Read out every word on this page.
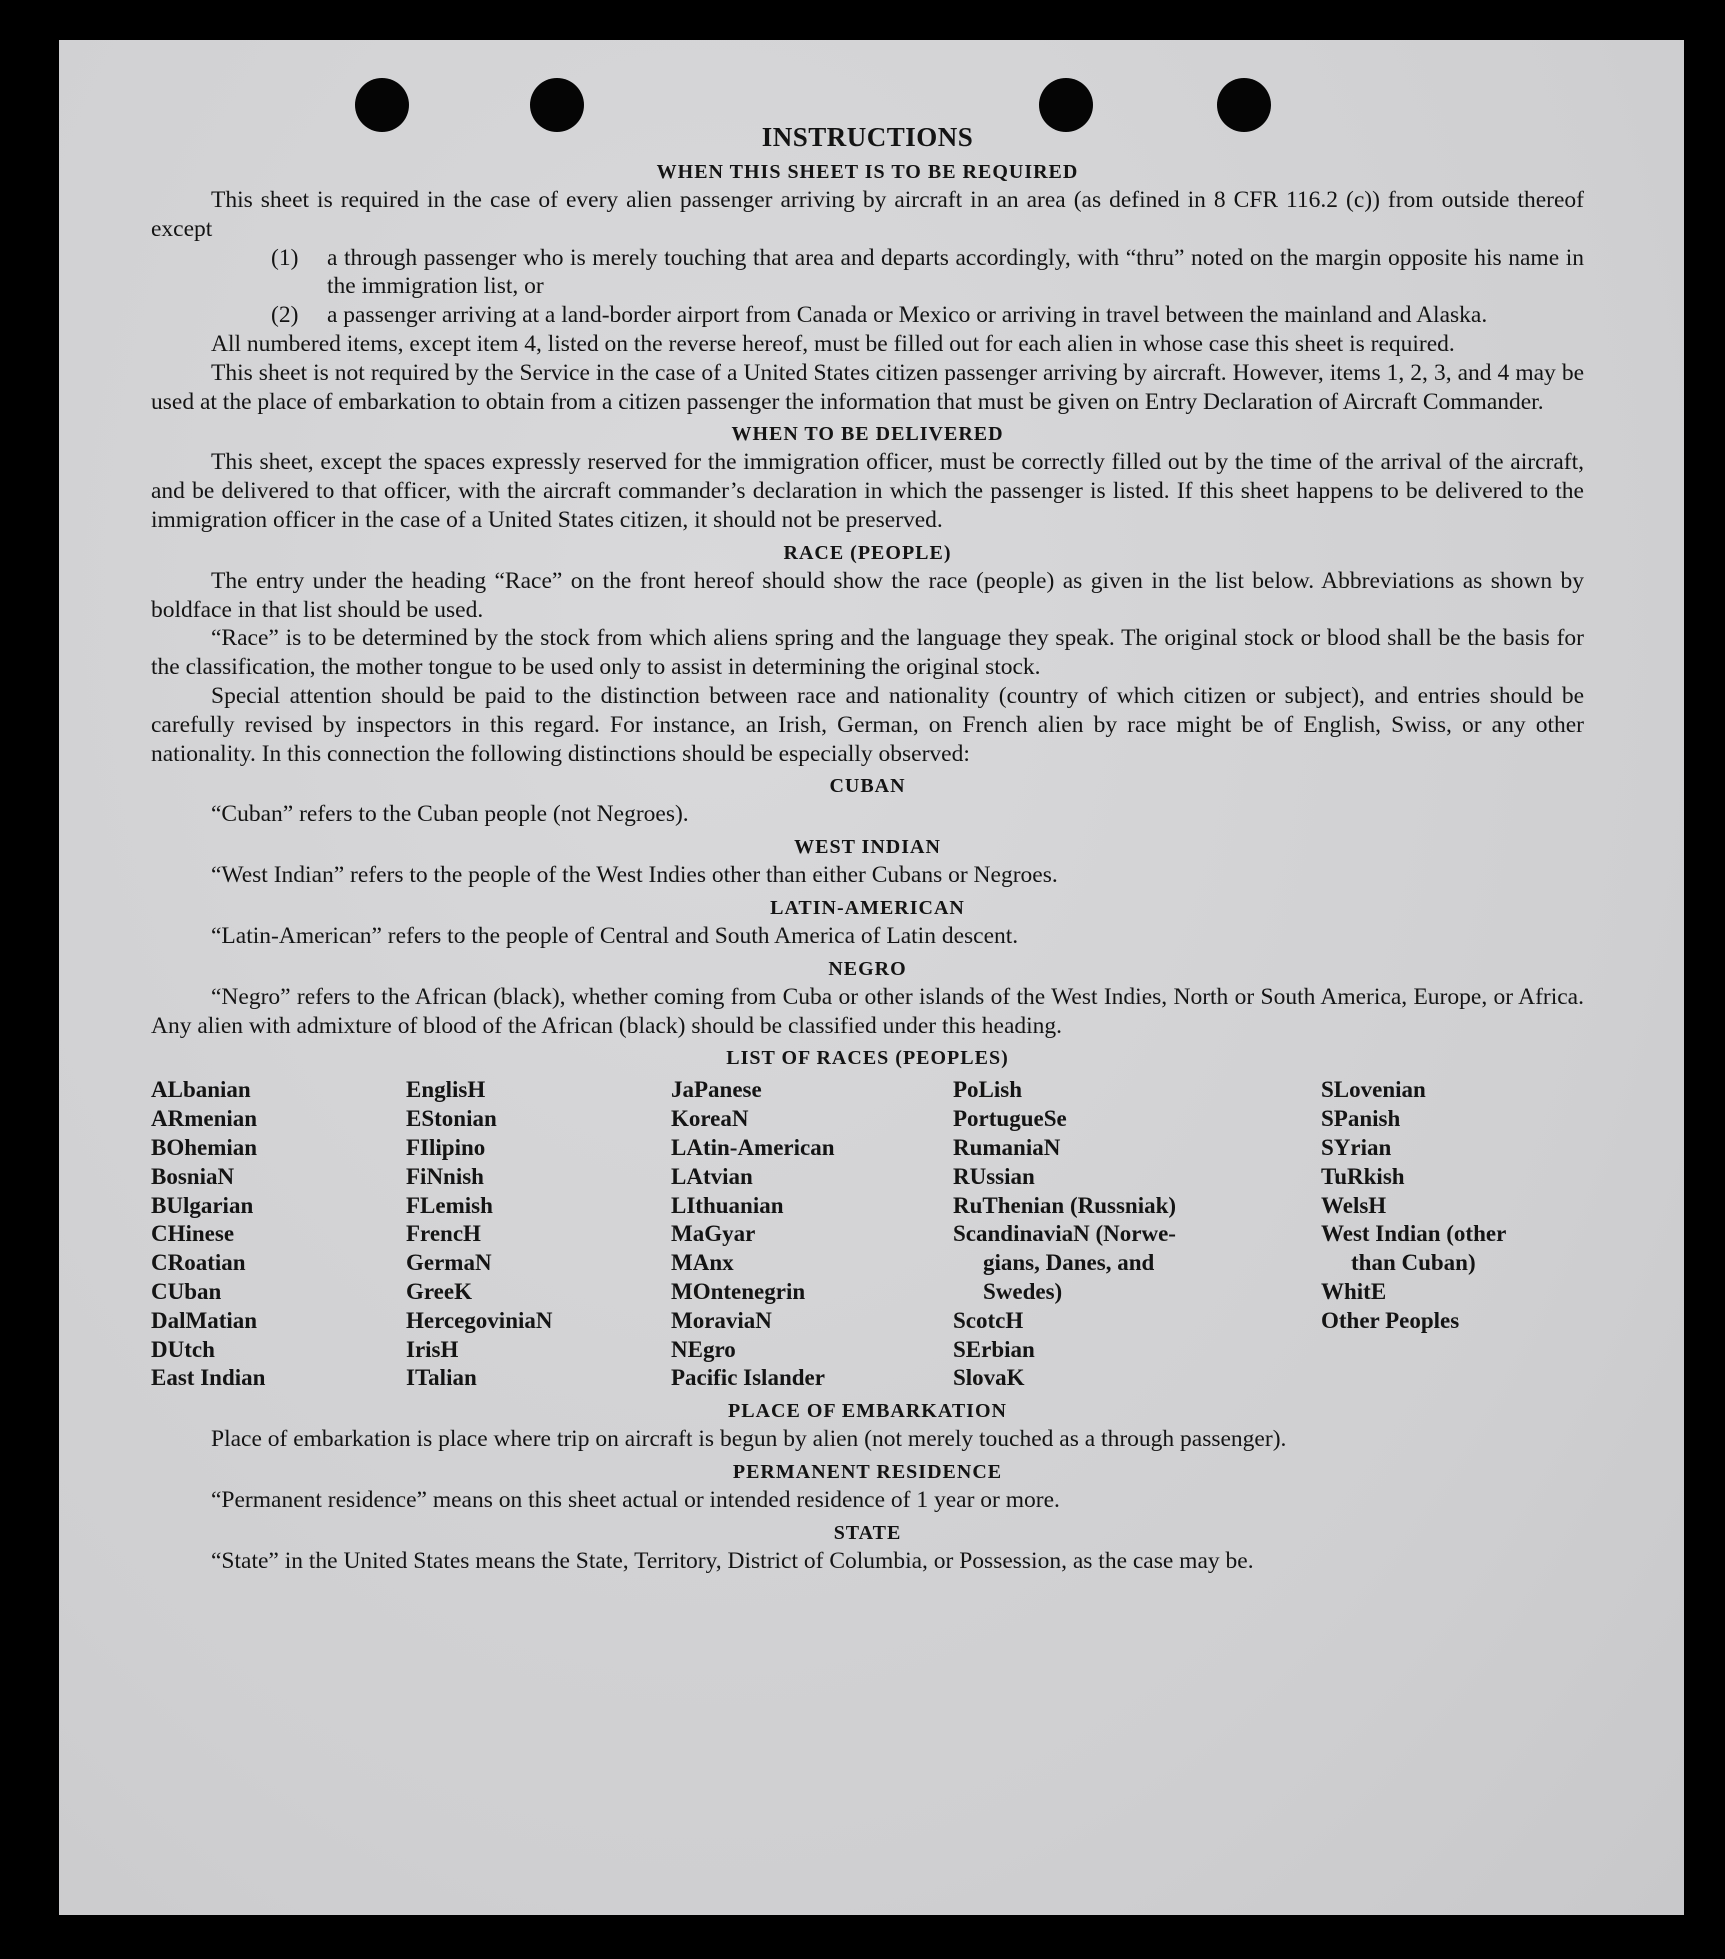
INSTRUCTIONS
WHEN THIS SHEET IS TO BE REQUIRED

This sheet is required in the case of every alien passenger arriving by aircraft in an area (as defined in 8 CFR 116.2 (c)) from outside thereof except

(1)	a through passenger who is merely touching that area and departs accordingly, with “thru” noted on the margin opposite his name in the immigration list, or
(2)	a passenger arriving at a land-border airport from Canada or Mexico or arriving in travel between the mainland and Alaska.

All numbered items, except item 4, listed on the reverse hereof, must be filled out for each alien in whose case this sheet is required.

This sheet is not required by the Service in the case of a United States citizen passenger arriving by aircraft. However, items 1, 2, 3, and 4 may be used at the place of embarkation to obtain from a citizen passenger the information that must be given on Entry Declaration of Aircraft Commander.

WHEN TO BE DELIVERED

This sheet, except the spaces expressly reserved for the immigration officer, must be correctly filled out by the time of the arrival of the aircraft, and be delivered to that officer, with the aircraft commander’s declaration in which the passenger is listed. If this sheet happens to be delivered to the immigration officer in the case of a United States citizen, it should not be preserved.

RACE (PEOPLE)

The entry under the heading “Race” on the front hereof should show the race (people) as given in the list below. Abbreviations as shown by boldface in that list should be used.

“Race” is to be determined by the stock from which aliens spring and the language they speak. The original stock or blood shall be the basis for the classification, the mother tongue to be used only to assist in determining the original stock.

Special attention should be paid to the distinction between race and nationality (country of which citizen or subject), and entries should be carefully revised by inspectors in this regard. For instance, an Irish, German, on French alien by race might be of English, Swiss, or any other nationality. In this connection the following distinctions should be especially observed:

CUBAN

“Cuban” refers to the Cuban people (not Negroes).

WEST INDIAN

“West Indian” refers to the people of the West Indies other than either Cubans or Negroes.

LATIN-AMERICAN

“Latin-American” refers to the people of Central and South America of Latin descent.

NEGRO

“Negro” refers to the African (black), whether coming from Cuba or other islands of the West Indies, North or South America, Europe, or Africa. Any alien with admixture of blood of the African (black) should be classified under this heading.

LIST OF RACES (PEOPLES)
ALbanian
ARmenian
BOhemian
BosniaN
BUlgarian
CHinese
CRoatian
CUban
DalMatian
DUtch
East Indian
EnglisH
EStonian
FIlipino
FiNnish
FLemish
FrencH
GermaN
GreeK
HercegoviniaN
IrisH
ITalian
JaPanese
KoreaN
LAtin-American
LAtvian
LIthuanian
MaGyar
MAnx
MOntenegrin
MoraviaN
NEgro
Pacific Islander
PoLish
PortugueSe
RumaniaN
RUssian
RuThenian (Russniak)
ScandinaviaN (Norwe-
gians, Danes, and
Swedes)
ScotcH
SErbian
SlovaK
SLovenian
SPanish
SYrian
TuRkish
WelsH
West Indian (other
than Cuban)
WhitE
Other Peoples
PLACE OF EMBARKATION

Place of embarkation is place where trip on aircraft is begun by alien (not merely touched as a through passenger).

PERMANENT RESIDENCE

“Permanent residence” means on this sheet actual or intended residence of 1 year or more.

STATE

“State” in the United States means the State, Territory, District of Columbia, or Possession, as the case may be.
